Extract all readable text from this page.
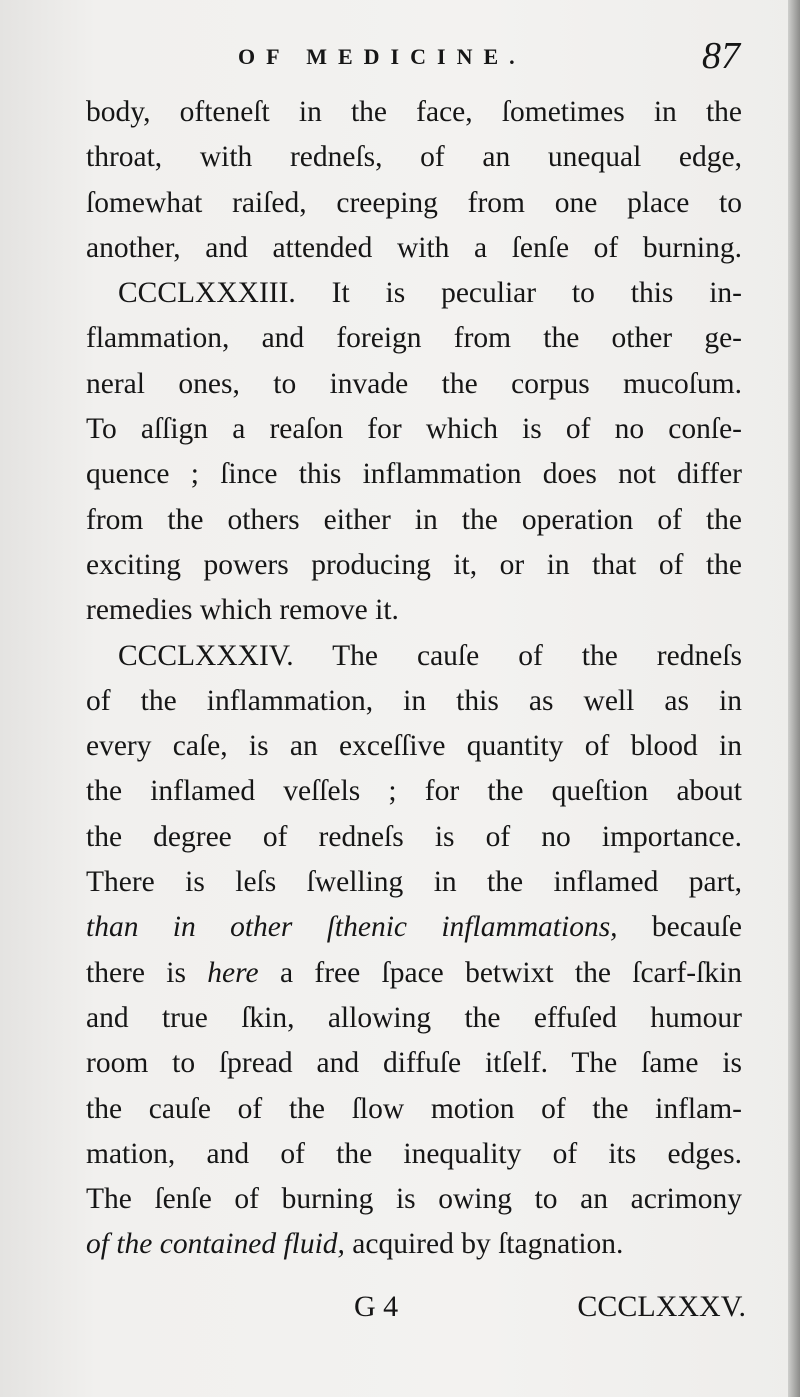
OF MEDICINE.	87
body, ofteneſt in the face, ſometimes in the
throat, with redneſs, of an unequal edge,
ſomewhat raiſed, creeping from one place to
another, and attended with a ſenſe of burning.
CCCLXXXIII. It is peculiar to this in-
flammation, and foreign from the other ge-
neral ones, to invade the corpus mucoſum.
To aſſign a reaſon for which is of no conſe-
quence ; ſince this inflammation does not differ
from the others either in the operation of the
exciting powers producing it, or in that of the
remedies which remove it.
CCCLXXXIV. The cauſe of the redneſs
of the inflammation, in this as well as in
every caſe, is an exceſſive quantity of blood in
the inflamed veſſels ; for the queſtion about
the degree of redneſs is of no importance.
There is leſs ſwelling in the inflamed part,
than in other ſthenic inflammations, becauſe
there is here a free ſpace betwixt the ſcarf-ſkin
and true ſkin, allowing the effuſed humour
room to ſpread and diffuſe itſelf. The ſame is
the cauſe of the ſlow motion of the inflam-
mation, and of the inequality of its edges.
The ſenſe of burning is owing to an acrimony
of the contained fluid, acquired by ſtagnation.
G 4	CCCLXXXV.
